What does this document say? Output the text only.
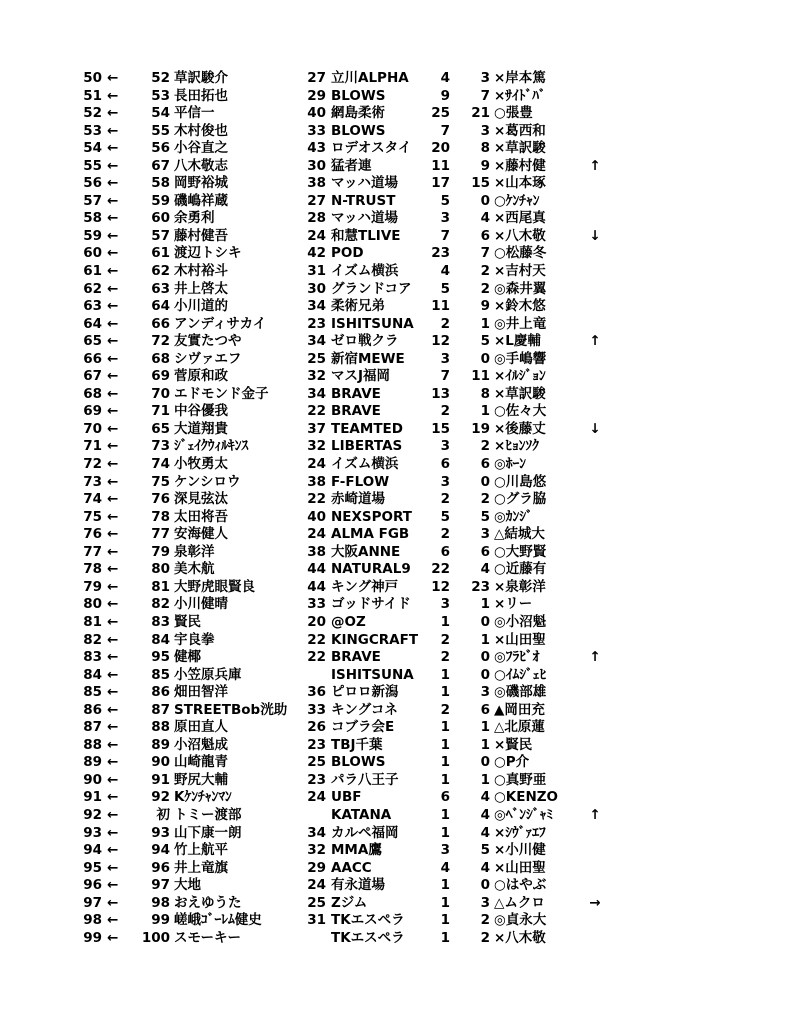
50 ←	52 草訳駿介	27 立川ALPHA	4	3 ×岸本篤
51 ←	53 長田拓也	29 BLOWS	9	7 ×ｻｲﾄﾞﾊﾞ
52 ←	54 平信一	40 網島柔術	25	21 ○張豊
53 ←	55 木村俊也	33 BLOWS	7	3 ×葛西和
54 ←	56 小谷直之	43 ロデオスタイ	20	8 ×草訳駿
55 ←	67 八木敬志	30 猛者連	11	9 ×藤村健	↑
56 ←	58 岡野裕城	38 マッハ道場	17	15 ×山本琢
57 ←	59 磯嶋祥蔵	27 N-TRUST	5	0 ○ｹﾝﾁｬﾝ
58 ←	60 余勇利	28 マッハ道場	3	4 ×西尾真
59 ←	57 藤村健吾	24 和慧TLIVE	7	6 ×八木敬	↓
60 ←	61 渡辺トシキ	42 POD	23	7 ○松藤冬
61 ←	62 木村裕斗	31 イズム横浜	4	2 ×吉村天
62 ←	63 井上啓太	30 グランドコア	5	2 ◎森井翼
63 ←	64 小川道的	34 柔術兄弟	11	9 ×鈴木悠
64 ←	66 アンディサカイ	23 ISHITSUNA	2	1 ◎井上竜
65 ←	72 友實たつや	34 ゼロ戦クラ	12	5 ×L慶輔	↑
66 ←	68 シヴァエフ	25 新宿MEWE	3	0 ◎手嶋響
67 ←	69 菅原和政	32 マスJ福岡	7	11 ×ｲﾙｼﾞｮﾝ
68 ←	70 エドモンド金子	34 BRAVE	13	8 ×草訳駿
69 ←	71 中谷優我	22 BRAVE	2	1 ○佐々大
70 ←	65 大道翔貴	37 TEAMTED	15	19 ×後藤丈	↓
71 ←	73 ｼﾞｪｲｸｳｨﾙｷﾝｽ	32 LIBERTAS	3	2 ×ﾋｮﾝｿｸ
72 ←	74 小牧勇太	24 イズム横浜	6	6 ◎ﾎｰﾝ
73 ←	75 ケンシロウ	38 F-FLOW	3	0 ○川島悠
74 ←	76 深見弦汰	22 赤崎道場	2	2 ○グラ脇
75 ←	78 太田将吾	40 NEXSPORT	5	5 ◎ｶﾝｼﾞ
76 ←	77 安海健人	24 ALMA FGB	2	3 △結城大
77 ←	79 泉彰洋	38 大阪ANNE	6	6 ○大野賢
78 ←	80 美木航	44 NATURAL9	22	4 ○近藤有
79 ←	81 大野虎眼賢良	44 キング神戸	12	23 ×泉彰洋
80 ←	82 小川健晴	33 ゴッドサイド	3	1 ×リー
81 ←	83 賢民	20 @OZ	1	0 ◎小沼魁
82 ←	84 宇良拳	22 KINGCRAFT	2	1 ×山田聖
83 ←	95 健椰	22 BRAVE	2	0 ◎ﾌﾗﾋﾞｵ	↑
84 ←	85 小笠原兵庫	ISHITSUNA	1	0 ○ｲﾑｼﾞｪﾋ
85 ←	86 畑田智洋	36 ピロロ新潟	1	3 ◎磯部雄
86 ←	87 STREETBob洸助	33 キングコネ	2	6 ▲岡田充
87 ←	88 原田直人	26 コブラ会E	1	1 △北原蓮
88 ←	89 小沼魁成	23 TBJ千葉	1	1 ×賢民
89 ←	90 山崎龍青	25 BLOWS	1	0 ○P介
90 ←	91 野尻大輔	23 パラ八王子	1	1 ○真野亜
91 ←	92 Kｹﾝﾁｬﾝﾏﾝ	24 UBF	6	4 ○KENZO
92 ←	初 トミー渡部	KATANA	1	4 ◎ﾍﾞﾝｼﾞｬﾐ	↑
93 ←	93 山下康一朗	34 カルペ福岡	1	4 ×ｼｳﾞｧｴﾌ
94 ←	94 竹上航平	32 MMA鷹	3	5 ×小川健
95 ←	96 井上竜旗	29 AACC	4	4 ×山田聖
96 ←	97 大地	24 有永道場	1	0 ○はやぶ
97 ←	98 おえゆうた	25 Zジム	1	3 △ムクロ	→
98 ←	99 嵯峨ｺﾞｰﾚﾑ健史	31 TKエスペラ	1	2 ◎貞永大
99 ←	100 スモーキー	TKエスペラ	1	2 ×八木敬
